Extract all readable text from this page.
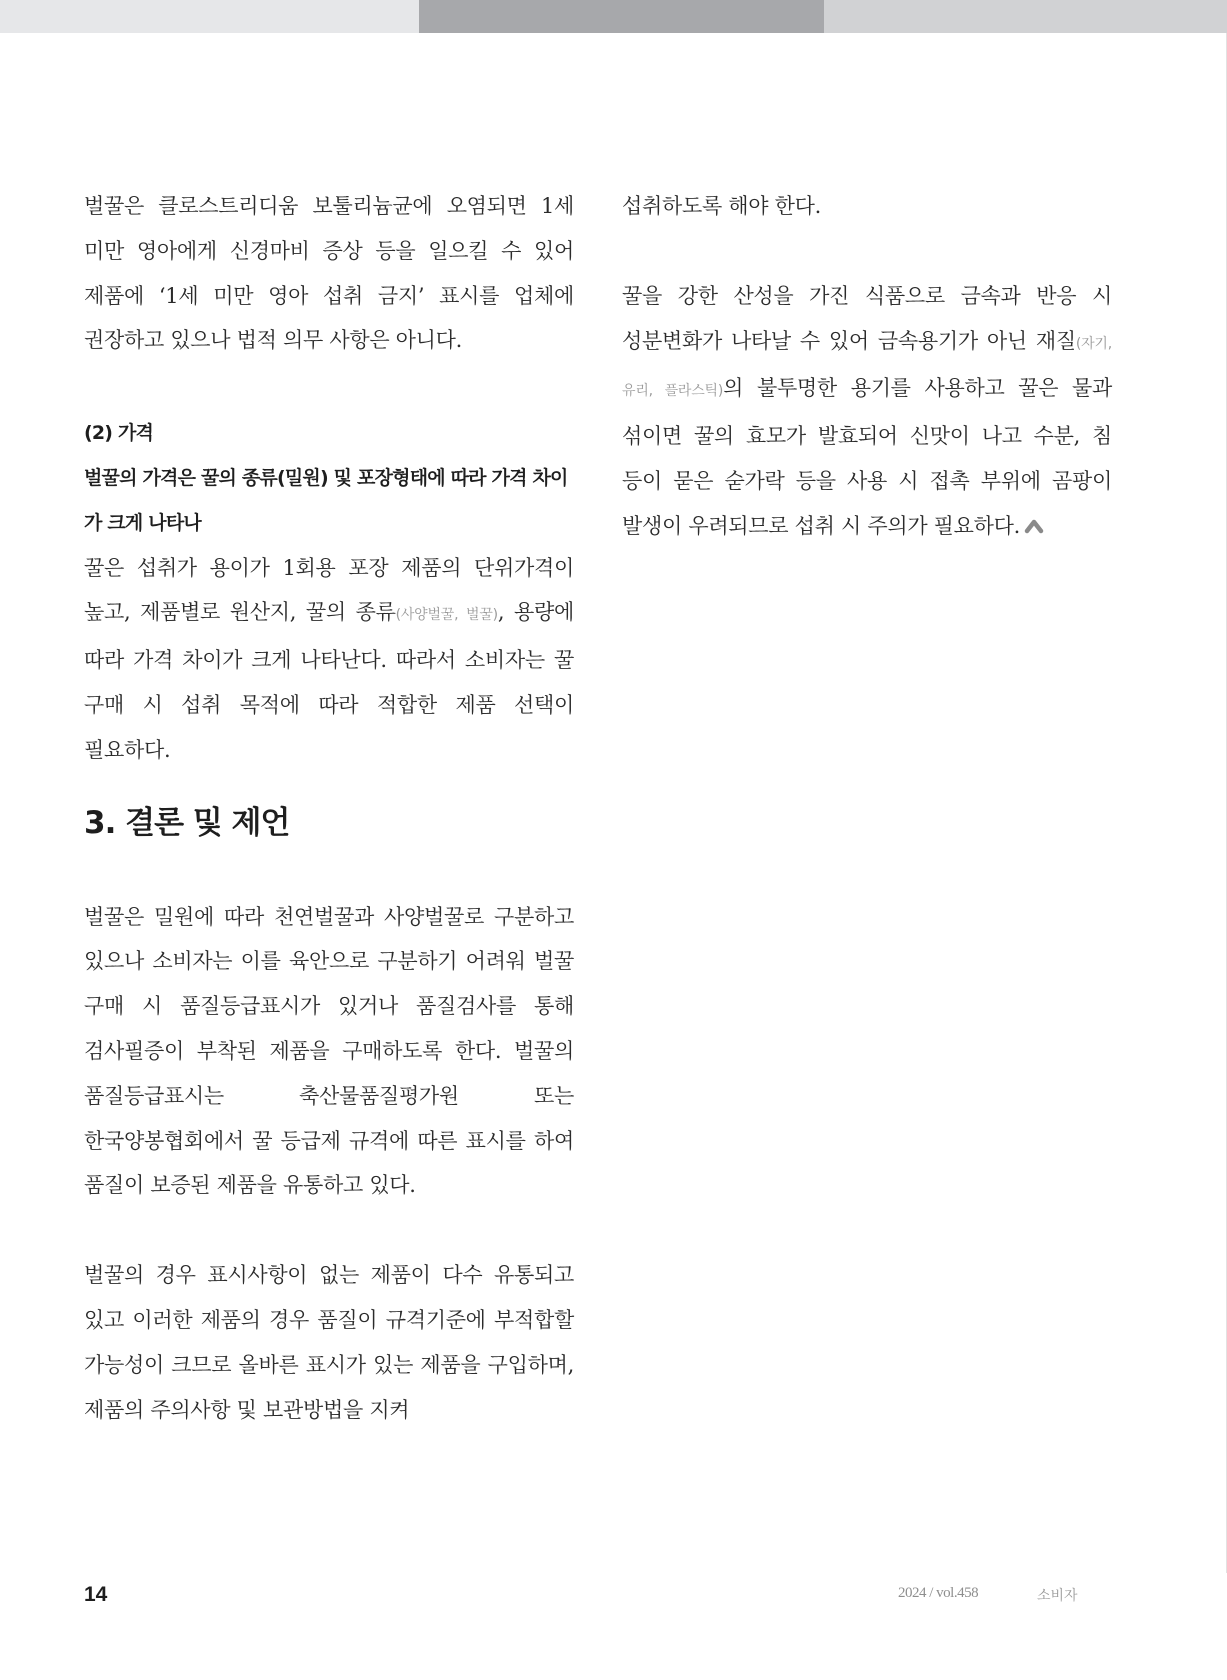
벌꿀은 클로스트리디움 보툴리늄균에 오염되면 1세 미만 영아에게 신경마비 증상 등을 일으킬 수 있어 제품에 ‘1세 미만 영아 섭취 금지’ 표시를 업체에 권장하고 있으나 법적 의무 사항은 아니다.

(2) 가격

벌꿀의 가격은 꿀의 종류(밀원) 및 포장형태에 따라 가격 차이가 크게 나타나

꿀은 섭취가 용이가 1회용 포장 제품의 단위가격이 높고, 제품별로 원산지, 꿀의 종류(사양벌꿀, 벌꿀), 용량에 따라 가격 차이가 크게 나타난다. 따라서 소비자는 꿀 구매 시 섭취 목적에 따라 적합한 제품 선택이 필요하다.

3. 결론 및 제언

벌꿀은 밀원에 따라 천연벌꿀과 사양벌꿀로 구분하고 있으나 소비자는 이를 육안으로 구분하기 어려워 벌꿀 구매 시 품질등급표시가 있거나 품질검사를 통해 검사필증이 부착된 제품을 구매하도록 한다. 벌꿀의 품질등급표시는 축산물품질평가원 또는 한국양봉협회에서 꿀 등급제 규격에 따른 표시를 하여 품질이 보증된 제품을 유통하고 있다.

벌꿀의 경우 표시사항이 없는 제품이 다수 유통되고 있고 이러한 제품의 경우 품질이 규격기준에 부적합할 가능성이 크므로 올바른 표시가 있는 제품을 구입하며, 제품의 주의사항 및 보관방법을 지켜

섭취하도록 해야 한다.

꿀을 강한 산성을 가진 식품으로 금속과 반응 시 성분변화가 나타날 수 있어 금속용기가 아닌 재질(자기, 유리, 플라스틱)의 불투명한 용기를 사용하고 꿀은 물과 섞이면 꿀의 효모가 발효되어 신맛이 나고 수분, 침 등이 묻은 숟가락 등을 사용 시 접촉 부위에 곰팡이 발생이 우려되므로 섭취 시 주의가 필요하다.

14	2024 / vol.458	소비자
